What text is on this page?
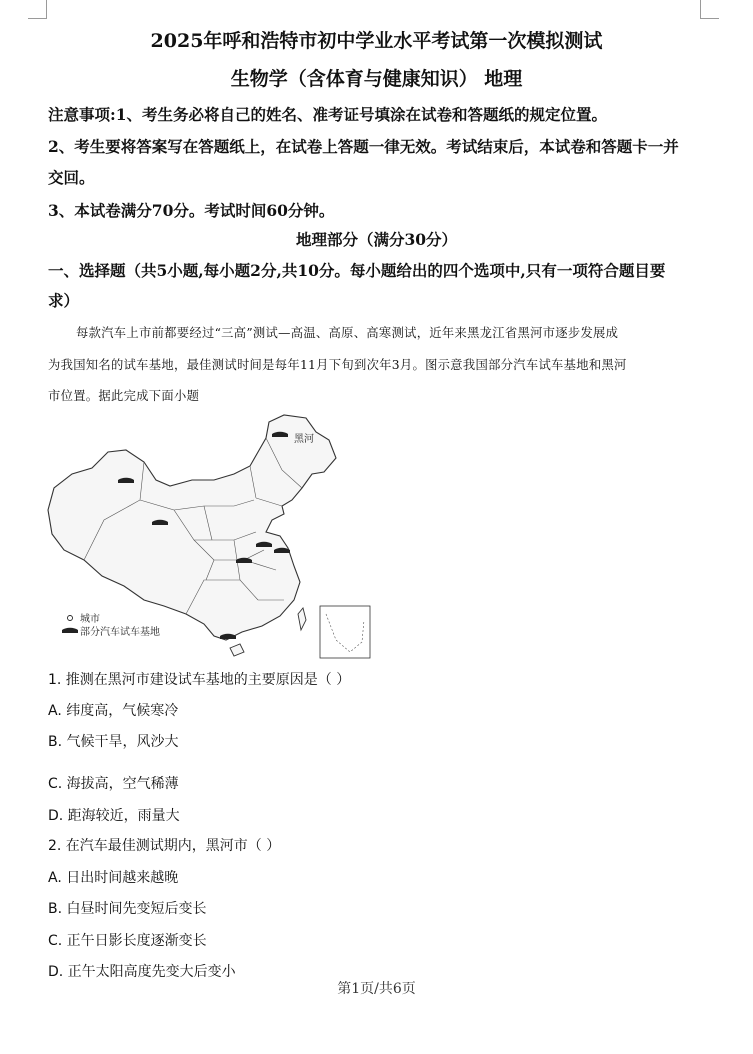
2025年呼和浩特市初中学业水平考试第一次模拟测试
生物学（含体育与健康知识） 地理
注意事项:1、考生务必将自己的姓名、准考证号填涂在试卷和答题纸的规定位置。
2、考生要将答案写在答题纸上，在试卷上答题一律无效。考试结束后，本试卷和答题卡一并
交回。
3、本试卷满分70分。考试时间60分钟。
地理部分（满分30分）
一、选择题（共5小题,每小题2分,共10分。每小题给出的四个选项中,只有一项符合题目要
求）
每款汽车上市前都要经过“三高”测试—高温、高原、高寒测试，近年来黑龙江省黑河市逐步发展成
为我国知名的试车基地，最佳测试时间是每年11月下旬到次年3月。图示意我国部分汽车试车基地和黑河
市位置。据此完成下面小题
黑河
城市
部分汽车试车基地
1. 推测在黑河市建设试车基地的主要原因是（ ）
A. 纬度高，气候寒冷
B. 气候干旱，风沙大
C. 海拔高，空气稀薄
D. 距海较近，雨量大
2. 在汽车最佳测试期内，黑河市（ ）
A. 日出时间越来越晚
B. 白昼时间先变短后变长
C. 正午日影长度逐渐变长
D. 正午太阳高度先变大后变小
第1页/共6页
